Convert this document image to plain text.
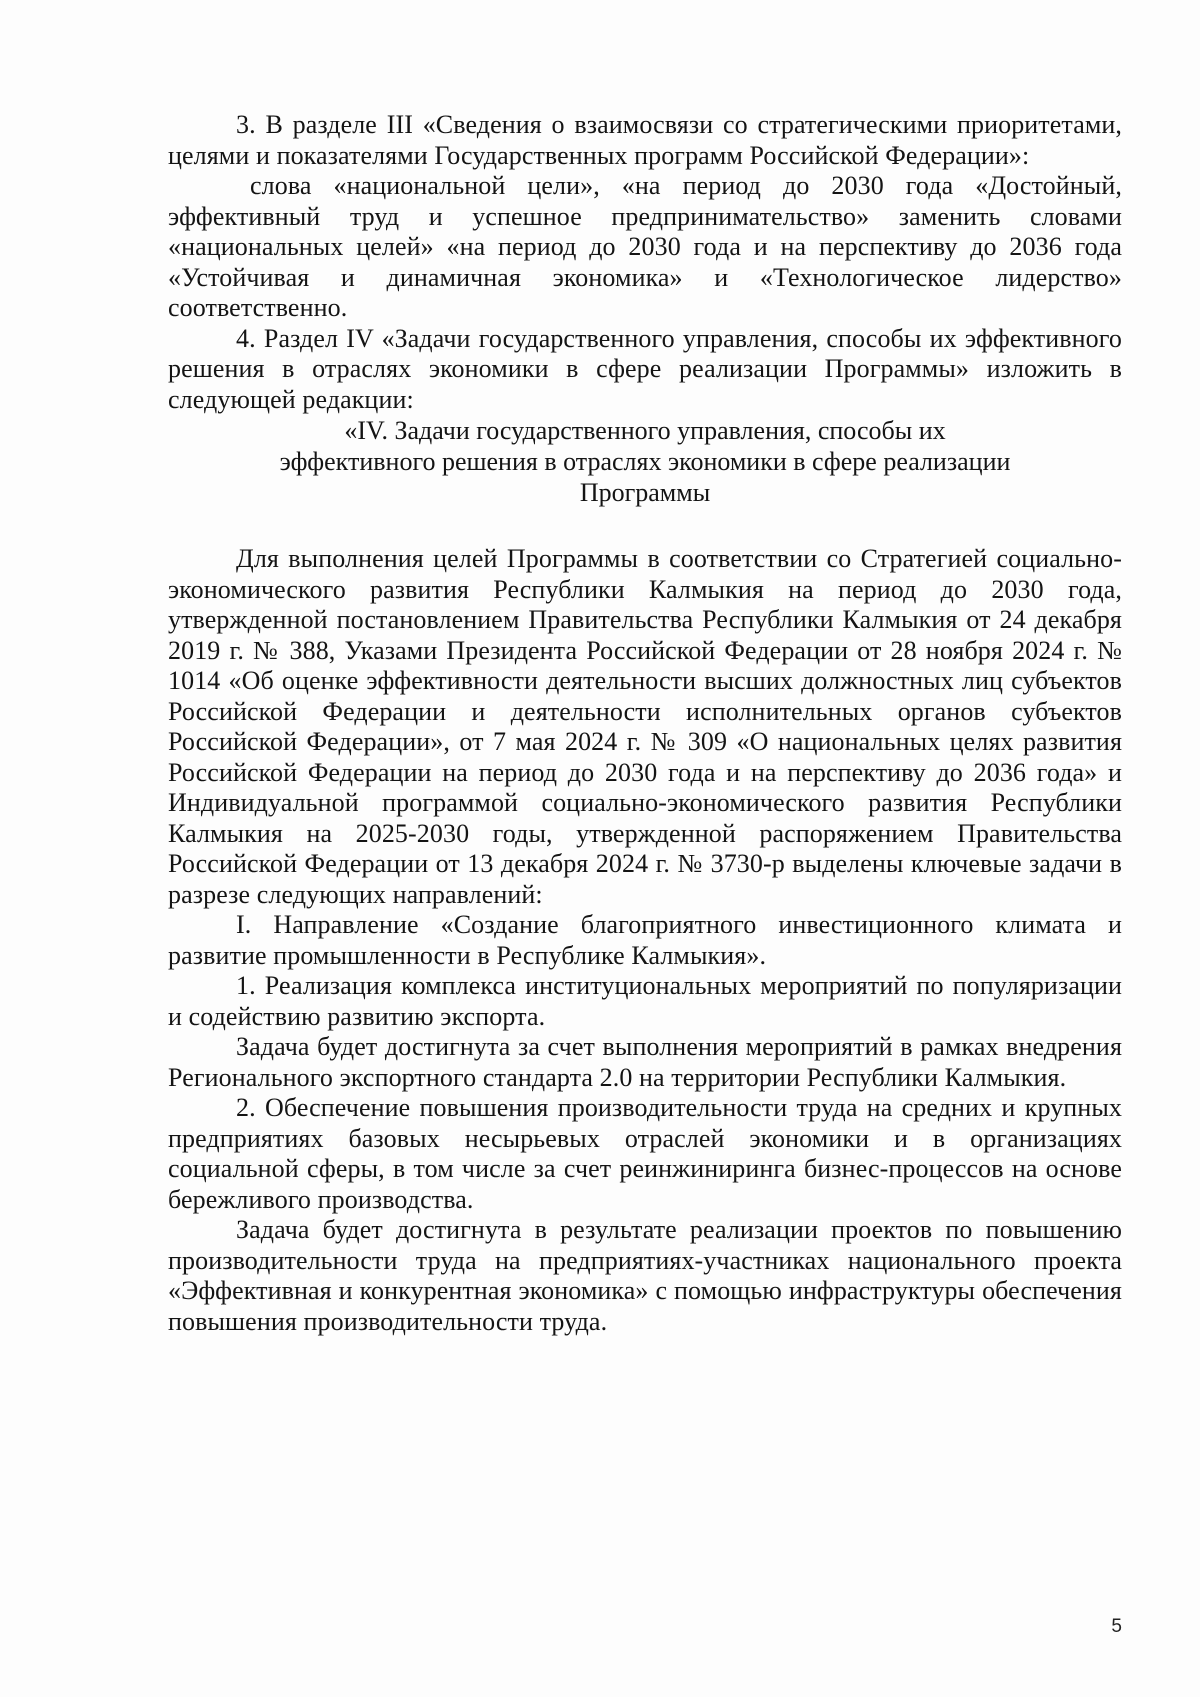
3. В разделе III «Сведения о взаимосвязи со стратегическими приоритетами, целями и показателями Государственных программ Российской Федерации»:

слова «национальной цели», «на период до 2030 года «Достойный, эффективный труд и успешное предпринимательство» заменить словами «национальных целей» «на период до 2030 года и на перспективу до 2036 года «Устойчивая и динамичная экономика» и «Технологическое лидерство» соответственно.

4. Раздел IV «Задачи государственного управления, способы их эффективного решения в отраслях экономики в сфере реализации Программы» изложить в следующей редакции:

«IV. Задачи государственного управления, способы их
эффективного решения в отраслях экономики в сфере реализации
Программы

Для выполнения целей Программы в соответствии со Стратегией социально-экономического развития Республики Калмыкия на период до 2030 года, утвержденной постановлением Правительства Республики Калмыкия от 24 декабря 2019 г. № 388, Указами Президента Российской Федерации от 28 ноября 2024 г. № 1014 «Об оценке эффективности деятельности высших должностных лиц субъектов Российской Федерации и деятельности исполнительных органов субъектов Российской Федерации», от 7 мая 2024 г. № 309 «О национальных целях развития Российской Федерации на период до 2030 года и на перспективу до 2036 года» и Индивидуальной программой социально-экономического развития Республики Калмыкия на 2025-2030 годы, утвержденной распоряжением Правительства Российской Федерации от 13 декабря 2024 г. № 3730-р выделены ключевые задачи в разрезе следующих направлений:

I. Направление «Создание благоприятного инвестиционного климата и развитие промышленности в Республике Калмыкия».

1. Реализация комплекса институциональных мероприятий по популяризации и содействию развитию экспорта.

Задача будет достигнута за счет выполнения мероприятий в рамках внедрения Регионального экспортного стандарта 2.0 на территории Республики Калмыкия.

2. Обеспечение повышения производительности труда на средних и крупных предприятиях базовых несырьевых отраслей экономики и в организациях социальной сферы, в том числе за счет реинжиниринга бизнес-процессов на основе бережливого производства.

Задача будет достигнута в результате реализации проектов по повышению производительности труда на предприятиях-участниках национального проекта «Эффективная и конкурентная экономика» с помощью инфраструктуры обеспечения повышения производительности труда.

5
